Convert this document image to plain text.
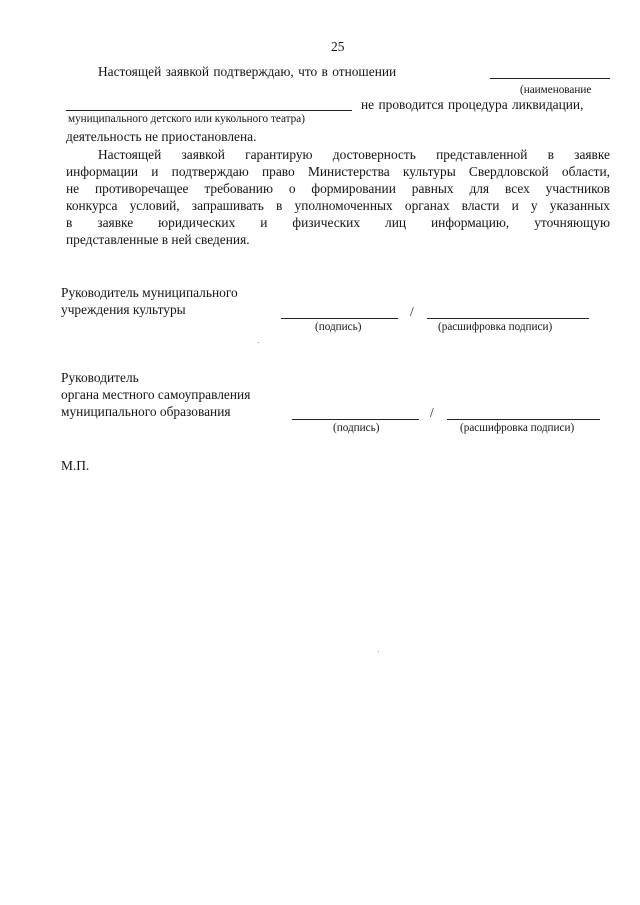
25
Настоящей заявкой подтверждаю, что в отношении
(наименование
не проводится процедура ликвидации,
муниципального детского или кукольного театра)
деятельность не приостановлена.
Настоящей заявкой гарантирую достоверность представленной в заявке
информации и подтверждаю право Министерства культуры Свердловской области,
не противоречащее требованию о формировании равных для всех участников
конкурса условий, запрашивать в уполномоченных органах власти и у указанных
в заявке юридических и физических лиц информацию, уточняющую
представленные в ней сведения.
Руководитель муниципального
учреждения культуры	/
(подпись)	(расшифровка подписи)
Руководитель
органа местного самоуправления
муниципального образования	/
(подпись)	(расшифровка подписи)
М.П.
